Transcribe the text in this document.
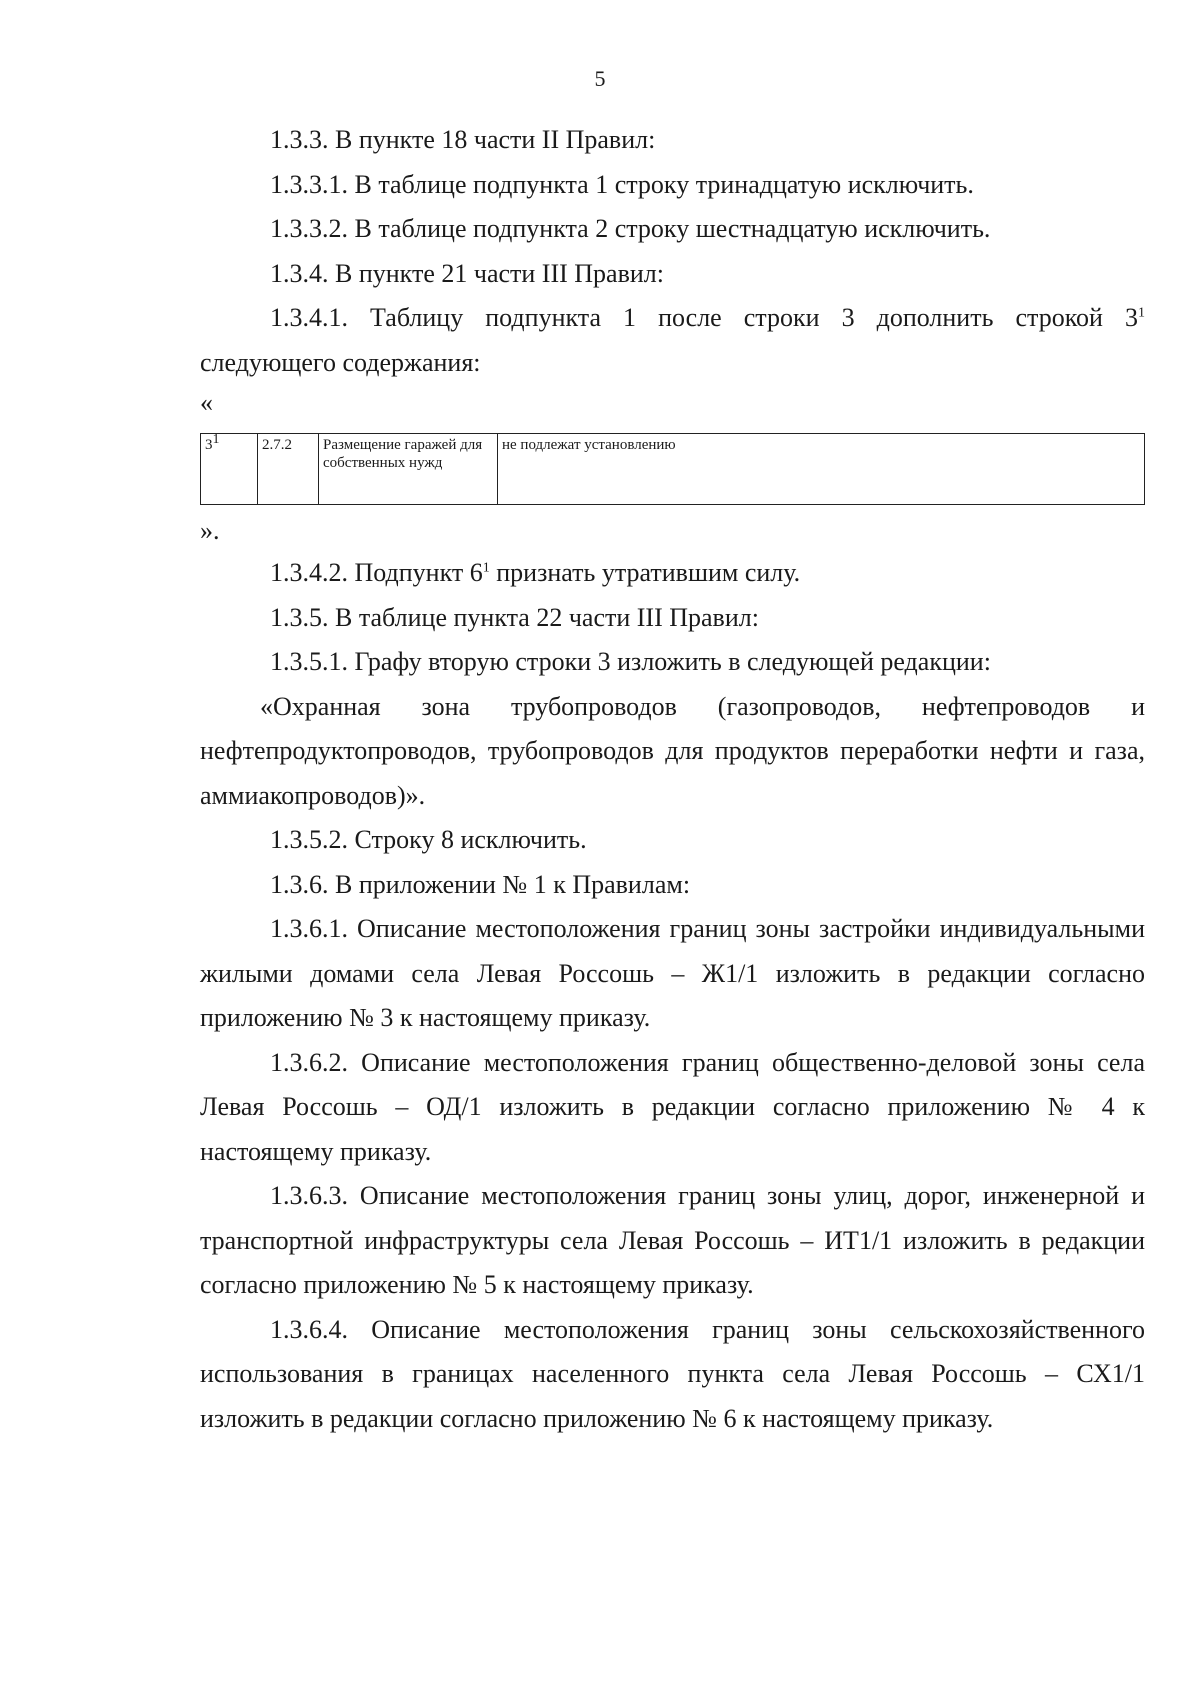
5

1.3.3. В пункте 18 части II Правил:

1.3.3.1. В таблице подпункта 1 строку тринадцатую исключить.

1.3.3.2. В таблице подпункта 2 строку шестнадцатую исключить.

1.3.4. В пункте 21 части III Правил:

1.3.4.1. Таблицу подпункта 1 после строки 3 дополнить строкой $3^1$ следующего содержания:

«

$3^1$	2.7.2	Размещение гаражей для собственных нужд	не подлежат установлению

».

1.3.4.2. Подпункт $6^1$ признать утратившим силу.

1.3.5. В таблице пункта 22 части III Правил:

1.3.5.1. Графу вторую строки 3 изложить в следующей редакции:

«Охранная зона трубопроводов (газопроводов, нефтепроводов и нефтепродуктопроводов, трубопроводов для продуктов переработки нефти и газа, аммиакопроводов)».

1.3.5.2. Строку 8 исключить.

1.3.6. В приложении № 1 к Правилам:

1.3.6.1. Описание местоположения границ зоны застройки индивидуальными жилыми домами села Левая Россошь – Ж1/1 изложить в редакции согласно приложению № 3 к настоящему приказу.

1.3.6.2. Описание местоположения границ общественно-деловой зоны села Левая Россошь – ОД/1 изложить в редакции согласно приложению № 4 к настоящему приказу.

1.3.6.3. Описание местоположения границ зоны улиц, дорог, инженерной и транспортной инфраструктуры села Левая Россошь – ИТ1/1 изложить в редакции согласно приложению № 5 к настоящему приказу.

1.3.6.4. Описание местоположения границ зоны сельскохозяйственного использования в границах населенного пункта села Левая Россошь – СХ1/1 изложить в редакции согласно приложению № 6 к настоящему приказу.
